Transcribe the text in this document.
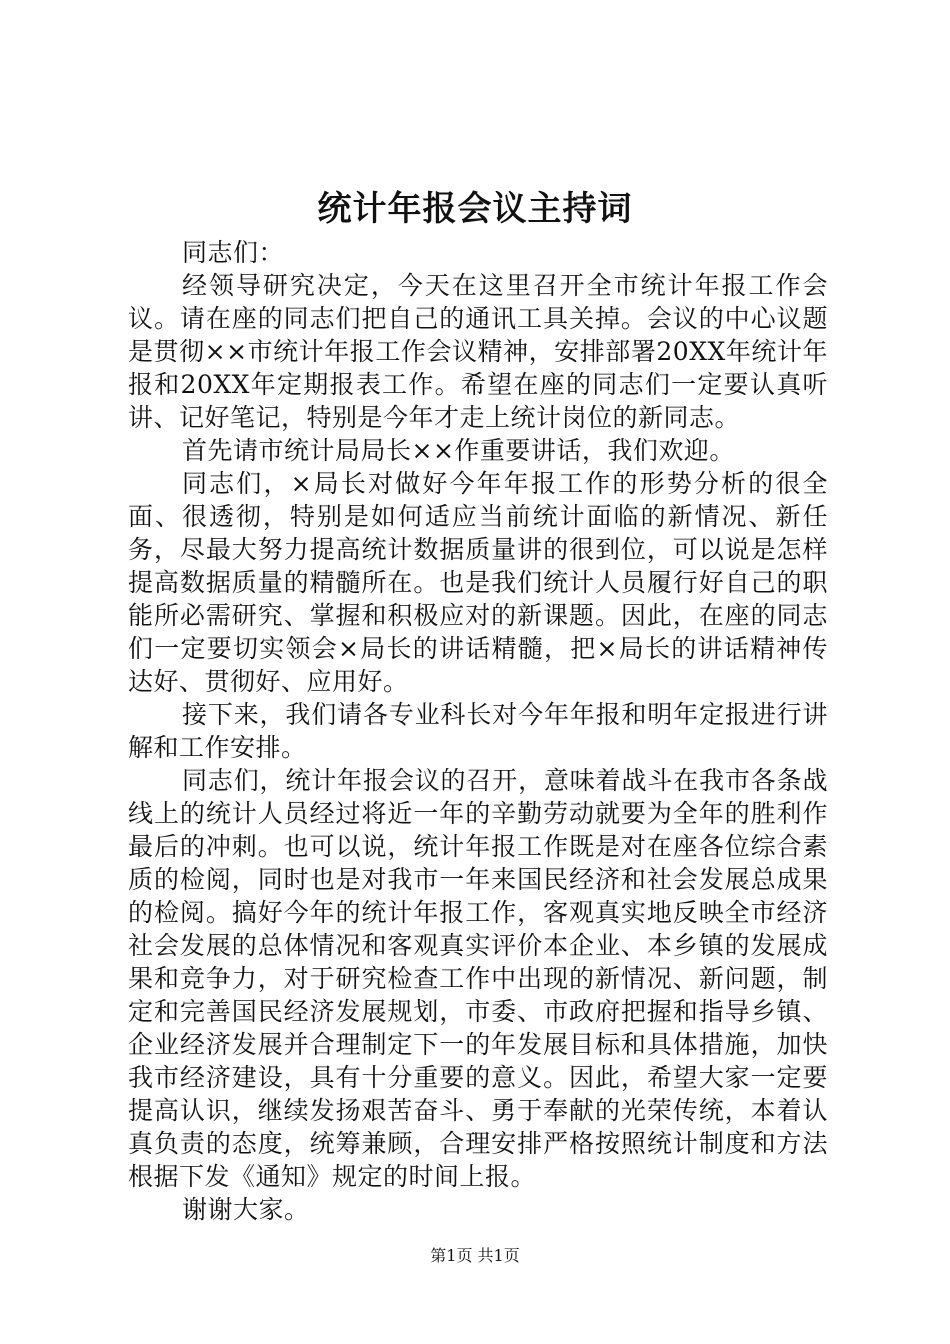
统计年报会议主持词

同志们：

经领导研究决定，今天在这里召开全市统计年报工作会议。请在座的同志们把自己的通讯工具关掉。会议的中心议题是贯彻××市统计年报工作会议精神，安排部署20XX年统计年报和20XX年定期报表工作。希望在座的同志们一定要认真听讲、记好笔记，特别是今年才走上统计岗位的新同志。

首先请市统计局局长××作重要讲话，我们欢迎。

同志们，×局长对做好今年年报工作的形势分析的很全面、很透彻，特别是如何适应当前统计面临的新情况、新任务，尽最大努力提高统计数据质量讲的很到位，可以说是怎样提高数据质量的精髓所在。也是我们统计人员履行好自己的职能所必需研究、掌握和积极应对的新课题。因此，在座的同志们一定要切实领会×局长的讲话精髓，把×局长的讲话精神传达好、贯彻好、应用好。

接下来，我们请各专业科长对今年年报和明年定报进行讲解和工作安排。

同志们，统计年报会议的召开，意味着战斗在我市各条战线上的统计人员经过将近一年的辛勤劳动就要为全年的胜利作最后的冲刺。也可以说，统计年报工作既是对在座各位综合素质的检阅，同时也是对我市一年来国民经济和社会发展总成果的检阅。搞好今年的统计年报工作，客观真实地反映全市经济社会发展的总体情况和客观真实评价本企业、本乡镇的发展成果和竞争力，对于研究检查工作中出现的新情况、新问题，制定和完善国民经济发展规划，市委、市政府把握和指导乡镇、企业经济发展并合理制定下一的年发展目标和具体措施，加快我市经济建设，具有十分重要的意义。因此，希望大家一定要提高认识，继续发扬艰苦奋斗、勇于奉献的光荣传统，本着认真负责的态度，统筹兼顾，合理安排严格按照统计制度和方法根据下发《通知》规定的时间上报。

谢谢大家。

第1页 共1页
